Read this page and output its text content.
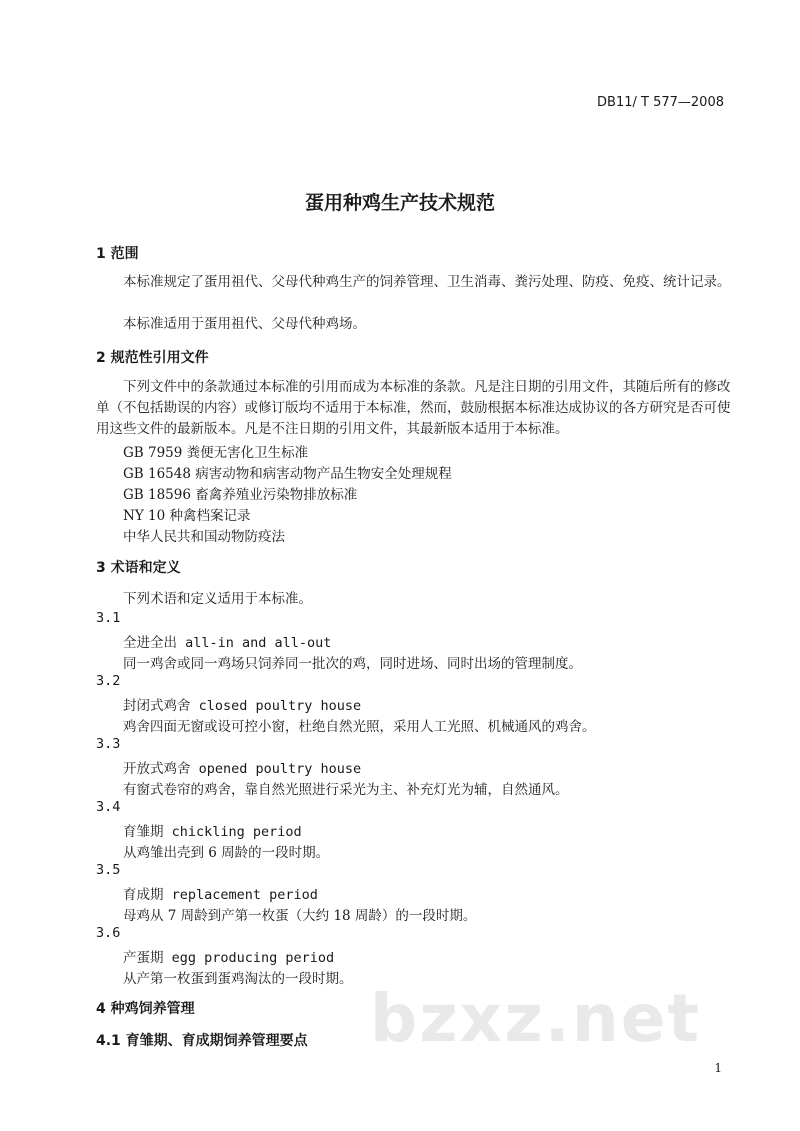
DB11/ T 577—2008
蛋用种鸡生产技术规范
1 范围
本标准规定了蛋用祖代、父母代种鸡生产的饲养管理、卫生消毒、粪污处理、防疫、免疫、统计记录。
本标准适用于蛋用祖代、父母代种鸡场。
2 规范性引用文件
下列文件中的条款通过本标准的引用而成为本标准的条款。凡是注日期的引用文件，其随后所有的修改单（不包括勘误的内容）或修订版均不适用于本标准，然而，鼓励根据本标准达成协议的各方研究是否可使用这些文件的最新版本。凡是不注日期的引用文件，其最新版本适用于本标准。
GB 7959 粪便无害化卫生标准
GB 16548 病害动物和病害动物产品生物安全处理规程
GB 18596 畜禽养殖业污染物排放标准
NY 10 种禽档案记录
中华人民共和国动物防疫法
3 术语和定义
下列术语和定义适用于本标准。
3.1
全进全出 all-in and all-out
同一鸡舍或同一鸡场只饲养同一批次的鸡，同时进场、同时出场的管理制度。
3.2
封闭式鸡舍 closed poultry house
鸡舍四面无窗或设可控小窗，杜绝自然光照，采用人工光照、机械通风的鸡舍。
3.3
开放式鸡舍 opened poultry house
有窗式卷帘的鸡舍，靠自然光照进行采光为主、补充灯光为辅，自然通风。
3.4
育雏期 chickling period
从鸡雏出壳到 6 周龄的一段时期。
3.5
育成期 replacement period
母鸡从 7 周龄到产第一枚蛋（大约 18 周龄）的一段时期。
3.6
产蛋期 egg producing period
从产第一枚蛋到蛋鸡淘汰的一段时期。
bzxz.net
4 种鸡饲养管理
4.1 育雏期、育成期饲养管理要点
1
